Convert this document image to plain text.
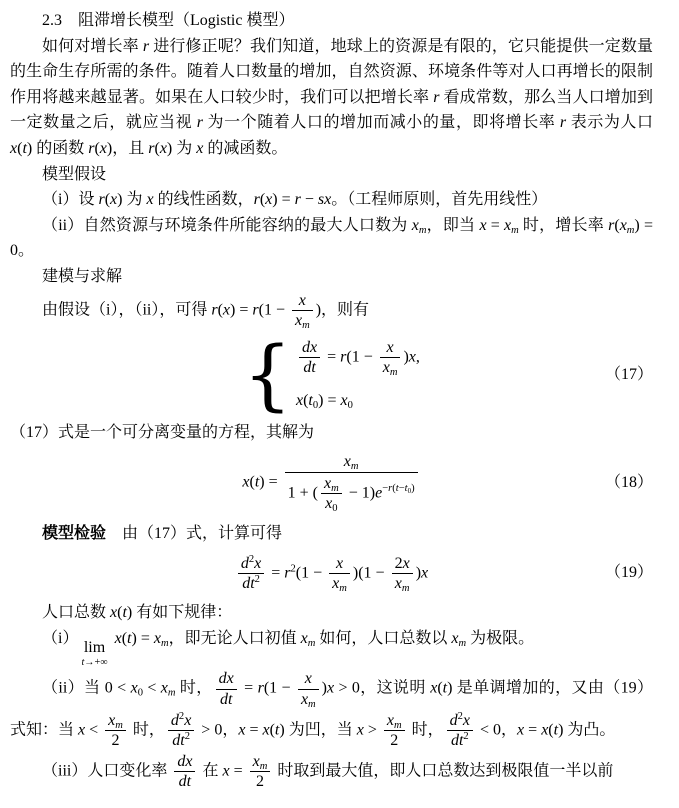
2.3　阻滞增长模型（Logistic 模型）

如何对增长率 r 进行修正呢？我们知道，地球上的资源是有限的，它只能提供一定数量的生命生存所需的条件。随着人口数量的增加，自然资源、环境条件等对人口再增长的限制作用将越来越显著。如果在人口较少时，我们可以把增长率 r 看成常数，那么当人口增加到一定数量之后，就应当视 r 为一个随着人口的增加而减小的量，即将增长率 r 表示为人口 x(t) 的函数 r(x)，且 r(x) 为 x 的减函数。

模型假设

（i）设 r(x) 为 x 的线性函数，r(x) = r − sx。（工程师原则，首先用线性）

（ii）自然资源与环境条件所能容纳的最大人口数为 $x_m$，即当 $x = x_m$ 时，增长率 $r(x_m) = 0$。

建模与求解

由假设（i），（ii），可得 $r(x) = r(1 - \frac{x}{x_m}$ )，则有

{ $\frac{dx}{dt} = r(1 - \frac{x}{x_m} )x$,
$x(t_0) = x_0$
（17）

（17）式是一个可分离变量的方程，其解为

$x(t) = \frac{x_m}{1 + ( \frac{x_m}{x_0} - 1)e^{-r(t-t_0)}}$	（18）

模型检验　由（17）式，计算可得

$\frac{d^2x}{dt^2} = r^2(1 - \frac{x}{x_m} )(1 - \frac{2x}{x_m} )x$	（19）

人口总数 x(t) 有如下规律：

（i）
lim
t→+∞
$x(t) = x_m$，即无论人口初值 $x_m$ 如何，人口总数以 $x_m$ 为极限。

（ii）当 $0 < x_0 < x_m$ 时， $\frac{dx}{dt} = r(1 - \frac{x}{x_m} )x > 0$，这说明 x(t) 是单调增加的，又由（19）式知：当 $x < \frac{x_m}{2}$ 时， $\frac{d^2x}{dt^2} > 0$，x = x(t) 为凹，当 $x > \frac{x_m}{2}$ 时， $\frac{d^2x}{dt^2} < 0$，x = x(t) 为凸。

（iii）人口变化率 $\frac{dx}{dt}$ 在 $x = \frac{x_m}{2}$ 时取到最大值，即人口总数达到极限值一半以前
